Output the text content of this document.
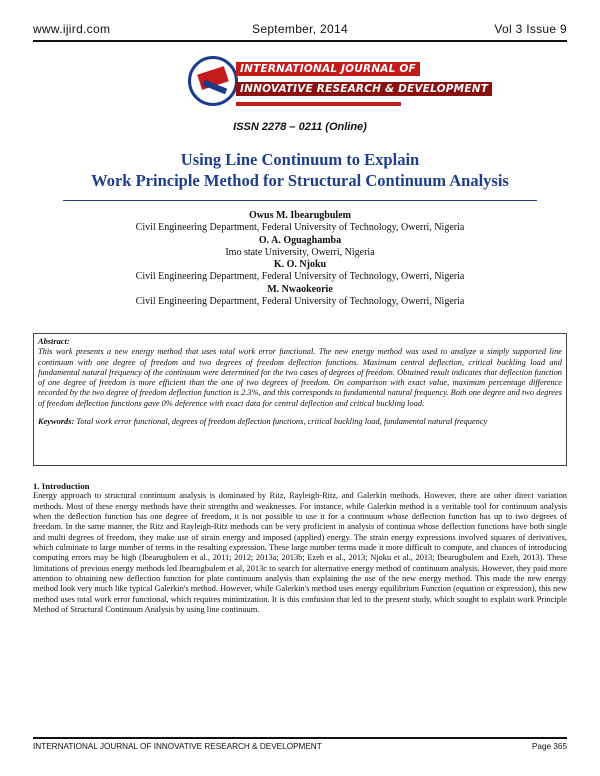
www.ijird.com	September, 2014	Vol 3 Issue 9
INTERNATIONAL JOURNAL OF
INNOVATIVE RESEARCH & DEVELOPMENT
ISSN 2278 – 0211 (Online)
Using Line Continuum to Explain
Work Principle Method for Structural Continuum Analysis
Owus M. Ibearugbulem
Civil Engineering Department, Federal University of Technology, Owerri, Nigeria
O. A. Oguaghamba
Imo state University, Owerri, Nigeria
K. O. Njoku
Civil Engineering Department, Federal University of Technology, Owerri, Nigeria
M. Nwaokeorie
Civil Engineering Department, Federal University of Technology, Owerri, Nigeria
Abstract:
This work presents a new energy method that uses total work error functional. The new energy method was used to analyze a simply supported line continuum with one degree of freedom and two degrees of freedom deflection functions. Maximum central deflection, critical buckling load and fundamental natural frequency of the continuum were determined for the two cases of degrees of freedom. Obtained result indicates that deflection function of one degree of freedom is more efficient than the one of two degrees of freedom. On comparison with exact value, maximum percentage difference recorded by the two degree of freedom deflection function is 2.3%, and this corresponds to fundamental natural frequency. Both one degree and two degrees of freedom deflection functions gave 0% deference with exact data for central deflection and critical buckling load.
Keywords: Total work error functional, degrees of freedom deflection functions, critical buckling load, fundamental natural frequency
1. Introduction
Energy approach to structural continuum analysis is dominated by Ritz, Rayleigh-Ritz, and Galerkin methods. However, there are other direct variation methods. Most of these energy methods have their strengths and weaknesses. For instance, while Galerkin method is a veritable tool for continuum analysis when the deflection function has one degree of freedom, it is not possible to use it for a continuum whose deflection function has up to two degrees of freedom. In the same manner, the Ritz and Rayleigh-Ritz methods can be very proficient in analysis of continua whose deflection functions have both single and multi degrees of freedom, they make use of strain energy and imposed (applied) energy. The strain energy expressions involved squares of derivatives, which culminate to large number of terms in the resulting expression. These large number terms made it more difficult to compute, and chances of introducing computing errors may be high (Ibearugbulem et al., 2011; 2012; 2013a; 2013b; Ezeh et al., 2013; Njoku et al., 2013; Ibearugbulem and Ezeh, 2013). These limitations of previous energy methods led Ibearugbulem et al, 2013c to search for alternative energy method of continuum analysis. However, they paid more attention to obtaining new deflection function for plate continuum analysis than explaining the use of the new energy method. This made the new energy method look very much like typical Galerkin's method. However, while Galerkin's method uses energy equilibrium Function (equation or expression), this new method uses total work error functional, which requires minimization. It is this confusion that led to the present study, which sought to explain work Principle Method of Structural Continuum Analysis by using line continuum.
INTERNATIONAL JOURNAL OF INNOVATIVE RESEARCH & DEVELOPMENT	Page 365
